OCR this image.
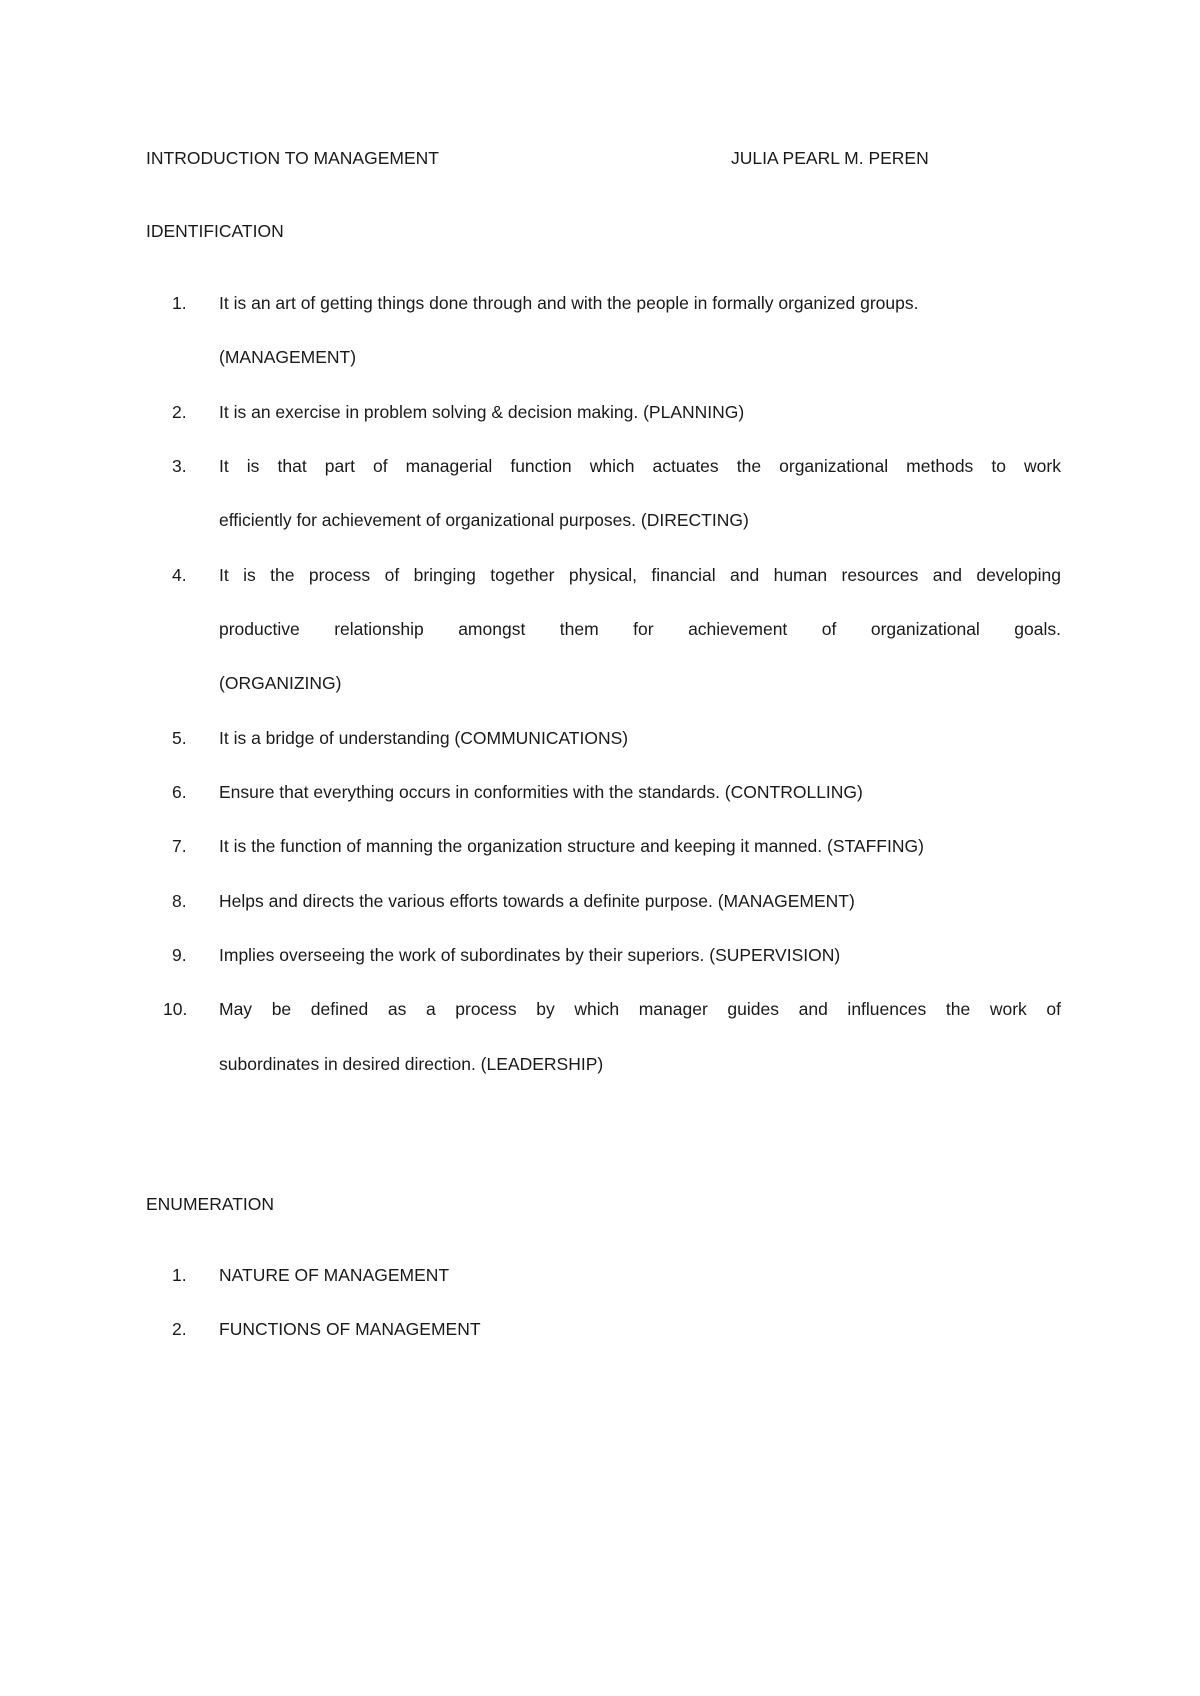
INTRODUCTION TO MANAGEMENT	JULIA PEARL M. PEREN
IDENTIFICATION
1.	It is an art of getting things done through and with the people in formally organized groups.
(MANAGEMENT)
2.	It is an exercise in problem solving & decision making. (PLANNING)
3.	It is that part of managerial function which actuates the organizational methods to work
efficiently for achievement of organizational purposes. (DIRECTING)
4.	It is the process of bringing together physical, financial and human resources and developing
productive relationship amongst them for achievement of organizational goals.
(ORGANIZING)
5.	It is a bridge of understanding (COMMUNICATIONS)
6.	Ensure that everything occurs in conformities with the standards. (CONTROLLING)
7.	It is the function of manning the organization structure and keeping it manned. (STAFFING)
8.	Helps and directs the various efforts towards a definite purpose. (MANAGEMENT)
9.	Implies overseeing the work of subordinates by their superiors. (SUPERVISION)
10.	May be defined as a process by which manager guides and influences the work of
subordinates in desired direction. (LEADERSHIP)
ENUMERATION
1.	NATURE OF MANAGEMENT
2.	FUNCTIONS OF MANAGEMENT
